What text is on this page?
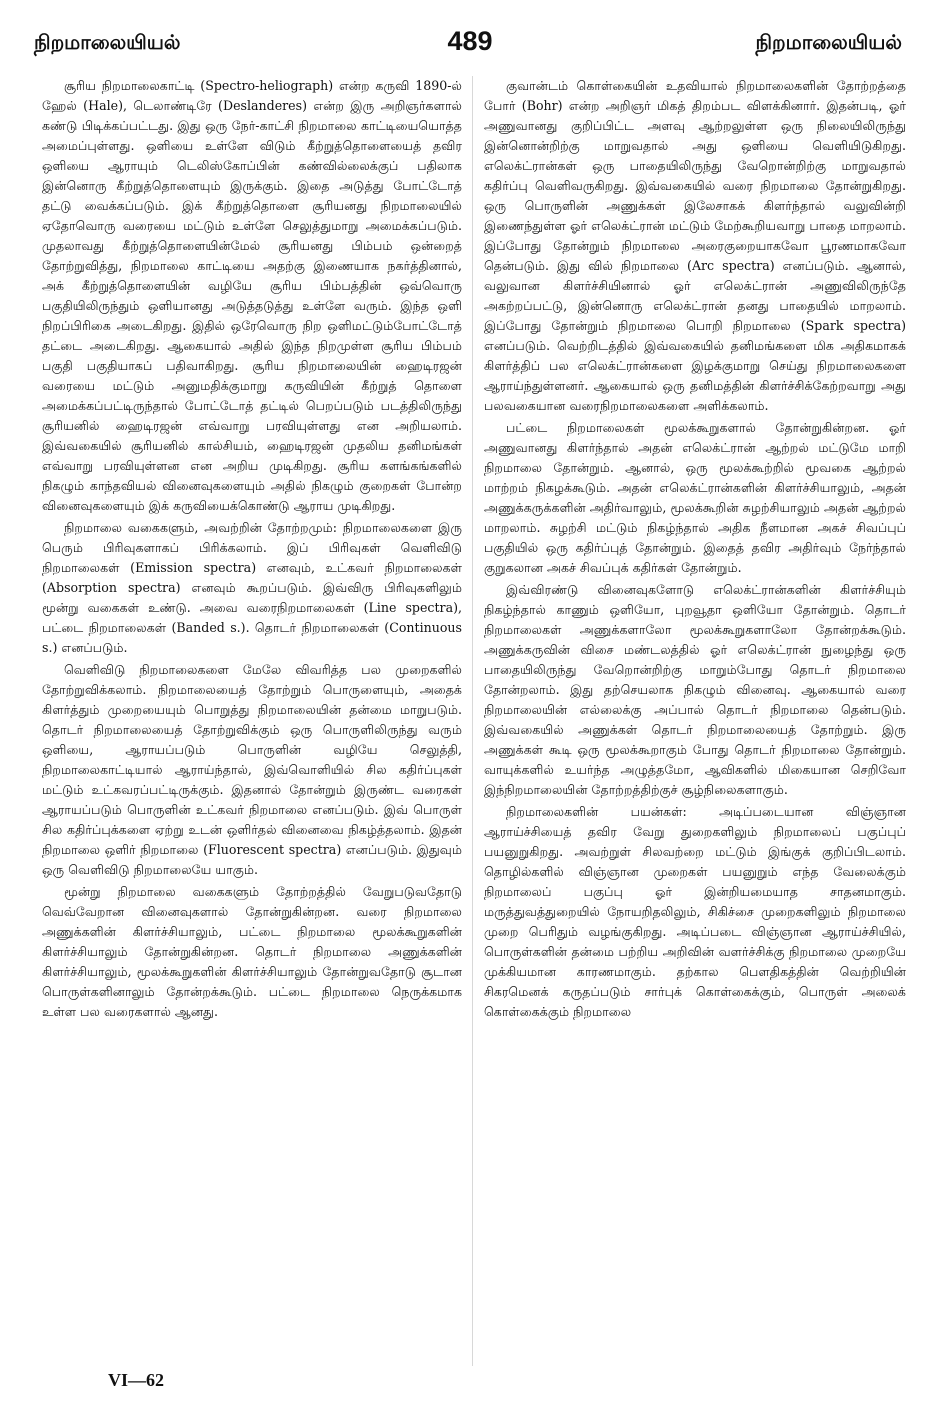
நிறமாலையியல்	489	நிறமாலையியல்

சூரிய நிறமாலைகாட்டி (Spectro-heliograph) என்ற கருவி 1890-ல் ஹேல் (Hale), டெலாண்டிரே (Deslanderes) என்ற இரு அறிஞர்களால் கண்டு பிடிக்கப்பட்டது. இது ஒரு நேர்-காட்சி நிறமாலை காட்டியையொத்த அமைப்புள்ளது. ஒளியை உள்ளே விடும் கீற்றுத்தொளையைத் தவிர ஒளியை ஆராயும் டெலிஸ்கோப்பின் கண்வில்லைக்குப் பதிலாக இன்னொரு கீற்றுத்தொளையும் இருக்கும். இதை அடுத்து போட்டோத் தட்டு வைக்கப்படும். இக் கீற்றுத்தொளை சூரியனது நிறமாலையில் ஏதோவொரு வரையை மட்டும் உள்ளே செலுத்துமாறு அமைக்கப்படும். முதலாவது கீற்றுத்தொளையின்மேல் சூரியனது பிம்பம் ஒன்றைத் தோற்றுவித்து, நிறமாலை காட்டியை அதற்கு இணையாக நகர்த்தினால், அக் கீற்றுத்தொளையின் வழியே சூரிய பிம்பத்தின் ஒவ்வொரு பகுதியிலிருந்தும் ஒளியானது அடுத்தடுத்து உள்ளே வரும். இந்த ஒளி நிறப்பிரிகை அடைகிறது. இதில் ஒரேவொரு நிற ஒளிமட்டும்போட்டோத் தட்டை அடைகிறது. ஆகையால் அதில் இந்த நிறமுள்ள சூரிய பிம்பம் பகுதி பகுதியாகப் பதிவாகிறது. சூரிய நிறமாலையின் ஹைடிரஜன் வரையை மட்டும் அனுமதிக்குமாறு கருவியின் கீற்றுத் தொளை அமைக்கப்பட்டிருந்தால் போட்டோத் தட்டில் பெறப்படும் படத்திலிருந்து சூரியனில் ஹைடிரஜன் எவ்வாறு பரவியுள்ளது என அறியலாம். இவ்வகையில் சூரியனில் கால்சியம், ஹைடிரஜன் முதலிய தனிமங்கள் எவ்வாறு பரவியுள்ளன என அறிய முடிகிறது. சூரிய களங்கங்களில் நிகழும் காந்தவியல் வினைவுகளையும் அதில் நிகழும் குறைகள் போன்ற வினைவுகளையும் இக் கருவியைக்கொண்டு ஆராய முடிகிறது.

நிறமாலை வகைகளும், அவற்றின் தோற்றமும்: நிறமாலைகளை இரு பெரும் பிரிவுகளாகப் பிரிக்கலாம். இப் பிரிவுகள் வெளிவிடு நிறமாலைகள் (Emission spectra) எனவும், உட்கவர் நிறமாலைகள் (Absorption spectra) எனவும் கூறப்படும். இவ்விரு பிரிவுகளிலும் மூன்று வகைகள் உண்டு. அவை வரைநிறமாலைகள் (Line spectra), பட்டை நிறமாலைகள் (Banded s.). தொடர் நிறமாலைகள் (Continuous s.) எனப்படும்.

வெளிவிடு நிறமாலைகளை மேலே விவரித்த பல முறைகளில் தோற்றுவிக்கலாம். நிறமாலையைத் தோற்றும் பொருளையும், அதைக் கிளர்த்தும் முறையையும் பொறுத்து நிறமாலையின் தன்மை மாறுபடும். தொடர் நிறமாலையைத் தோற்றுவிக்கும் ஒரு பொருளிலிருந்து வரும் ஒளியை, ஆராயப்படும் பொருளின் வழியே செலுத்தி, நிறமாலைகாட்டியால் ஆராய்ந்தால், இவ்வொளியில் சில கதிர்ப்புகள் மட்டும் உட்கவரப்பட்டிருக்கும். இதனால் தோன்றும் இருண்ட வரைகள் ஆராயப்படும் பொருளின் உட்கவர் நிறமாலை எனப்படும். இவ் பொருள் சில கதிர்ப்புக்களை ஏற்று உடன் ஒளிர்தல் வினைவை நிகழ்த்தலாம். இதன் நிறமாலை ஒளிர் நிறமாலை (Fluorescent spectra) எனப்படும். இதுவும் ஒரு வெளிவிடு நிறமாலையே யாகும்.

மூன்று நிறமாலை வகைகளும் தோற்றத்தில் வேறுபடுவதோடு வெவ்வேறான வினைவுகளால் தோன்றுகின்றன. வரை நிறமாலை அணுக்களின் கிளர்ச்சியாலும், பட்டை நிறமாலை மூலக்கூறுகளின் கிளர்ச்சியாலும் தோன்றுகின்றன. தொடர் நிறமாலை அணுக்களின் கிளர்ச்சியாலும், மூலக்கூறுகளின் கிளர்ச்சியாலும் தோன்றுவதோடு சூடான பொருள்களினாலும் தோன்றக்கூடும். பட்டை நிறமாலை நெருக்கமாக உள்ள பல வரைகளால் ஆனது.

குவான்டம் கொள்கையின் உதவியால் நிறமாலைகளின் தோற்றத்தை போர் (Bohr) என்ற அறிஞர் மிகத் திறம்பட விளக்கினார். இதன்படி, ஓர் அணுவானது குறிப்பிட்ட அளவு ஆற்றலுள்ள ஒரு நிலையிலிருந்து இன்னொன்றிற்கு மாறுவதால் அது ஒளியை வெளியிடுகிறது. எலெக்ட்ரான்கள் ஒரு பாதையிலிருந்து வேறொன்றிற்கு மாறுவதால் கதிர்ப்பு வெளிவருகிறது. இவ்வகையில் வரை நிறமாலை தோன்றுகிறது. ஒரு பொருளின் அணுக்கள் இலேசாகக் கிளர்ந்தால் வலுவின்றி இணைந்துள்ள ஓர் எலெக்ட்ரான் மட்டும் மேற்கூறியவாறு பாதை மாறலாம். இப்போது தோன்றும் நிறமாலை அரைகுறையாகவோ பூரணமாகவோ தென்படும். இது வில் நிறமாலை (Arc spectra) எனப்படும். ஆனால், வலுவான கிளர்ச்சியினால் ஓர் எலெக்ட்ரான் அணுவிலிருந்தே அகற்றப்பட்டு, இன்னொரு எலெக்ட்ரான் தனது பாதையில் மாறலாம். இப்போது தோன்றும் நிறமாலை பொறி நிறமாலை (Spark spectra) எனப்படும். வெற்றிடத்தில் இவ்வகையில் தனிமங்களை மிக அதிகமாகக் கிளர்த்திப் பல எலெக்ட்ரான்களை இழக்குமாறு செய்து நிறமாலைகளை ஆராய்ந்துள்ளனர். ஆகையால் ஒரு தனிமத்தின் கிளர்ச்சிக்கேற்றவாறு அது பலவகையான வரைநிறமாலைகளை அளிக்கலாம்.

பட்டை நிறமாலைகள் மூலக்கூறுகளால் தோன்றுகின்றன. ஓர் அணுவானது கிளர்ந்தால் அதன் எலெக்ட்ரான் ஆற்றல் மட்டுமே மாறி நிறமாலை தோன்றும். ஆனால், ஒரு மூலக்கூற்றில் மூவகை ஆற்றல் மாற்றம் நிகழக்கூடும். அதன் எலெக்ட்ரான்களின் கிளர்ச்சியாலும், அதன் அணுக்கருக்களின் அதிர்வாலும், மூலக்கூறின் சுழற்சியாலும் அதன் ஆற்றல் மாறலாம். சுழற்சி மட்டும் நிகழ்ந்தால் அதிக நீளமான அகச் சிவப்புப் பகுதியில் ஒரு கதிர்ப்புத் தோன்றும். இதைத் தவிர அதிர்வும் நேர்ந்தால் குறுகலான அகச் சிவப்புக் கதிர்கள் தோன்றும்.

இவ்விரண்டு வினைவுகளோடு எலெக்ட்ரான்களின் கிளர்ச்சியும் நிகழ்ந்தால் காணும் ஒளியோ, புறவூதா ஒளியோ தோன்றும். தொடர் நிறமாலைகள் அணுக்களாலோ மூலக்கூறுகளாலோ தோன்றக்கூடும். அணுக்கருவின் விசை மண்டலத்தில் ஓர் எலெக்ட்ரான் நுழைந்து ஒரு பாதையிலிருந்து வேறொன்றிற்கு மாறும்போது தொடர் நிறமாலை தோன்றலாம். இது தற்செயலாக நிகழும் வினைவு. ஆகையால் வரை நிறமாலையின் எல்லைக்கு அப்பால் தொடர் நிறமாலை தென்படும். இவ்வகையில் அணுக்கள் தொடர் நிறமாலையைத் தோற்றும். இரு அணுக்கள் கூடி ஒரு மூலக்கூறாகும் போது தொடர் நிறமாலை தோன்றும். வாயுக்களில் உயர்ந்த அழுத்தமோ, ஆவிகளில் மிகையான செறிவோ இந்நிறமாலையின் தோற்றத்திற்குச் சூழ்நிலைகளாகும்.

நிறமாலைகளின் பயன்கள்: அடிப்படையான விஞ்ஞான ஆராய்ச்சியைத் தவிர வேறு துறைகளிலும் நிறமாலைப் பகுப்புப் பயனுறுகிறது. அவற்றுள் சிலவற்றை மட்டும் இங்குக் குறிப்பிடலாம். தொழில்களில் விஞ்ஞான முறைகள் பயனுறும் எந்த வேலைக்கும் நிறமாலைப் பகுப்பு ஓர் இன்றியமையாத சாதனமாகும். மருத்துவத்துறையில் நோயறிதலிலும், சிகிச்சை முறைகளிலும் நிறமாலை முறை பெரிதும் வழங்குகிறது. அடிப்படை விஞ்ஞான ஆராய்ச்சியில், பொருள்களின் தன்மை பற்றிய அறிவின் வளர்ச்சிக்கு நிறமாலை முறையே முக்கியமான காரணமாகும். தற்கால பௌதிகத்தின் வெற்றியின் சிகரமெனக் கருதப்படும் சார்புக் கொள்கைக்கும், பொருள் அலைக் கொள்கைக்கும் நிறமாலை

VI—62
